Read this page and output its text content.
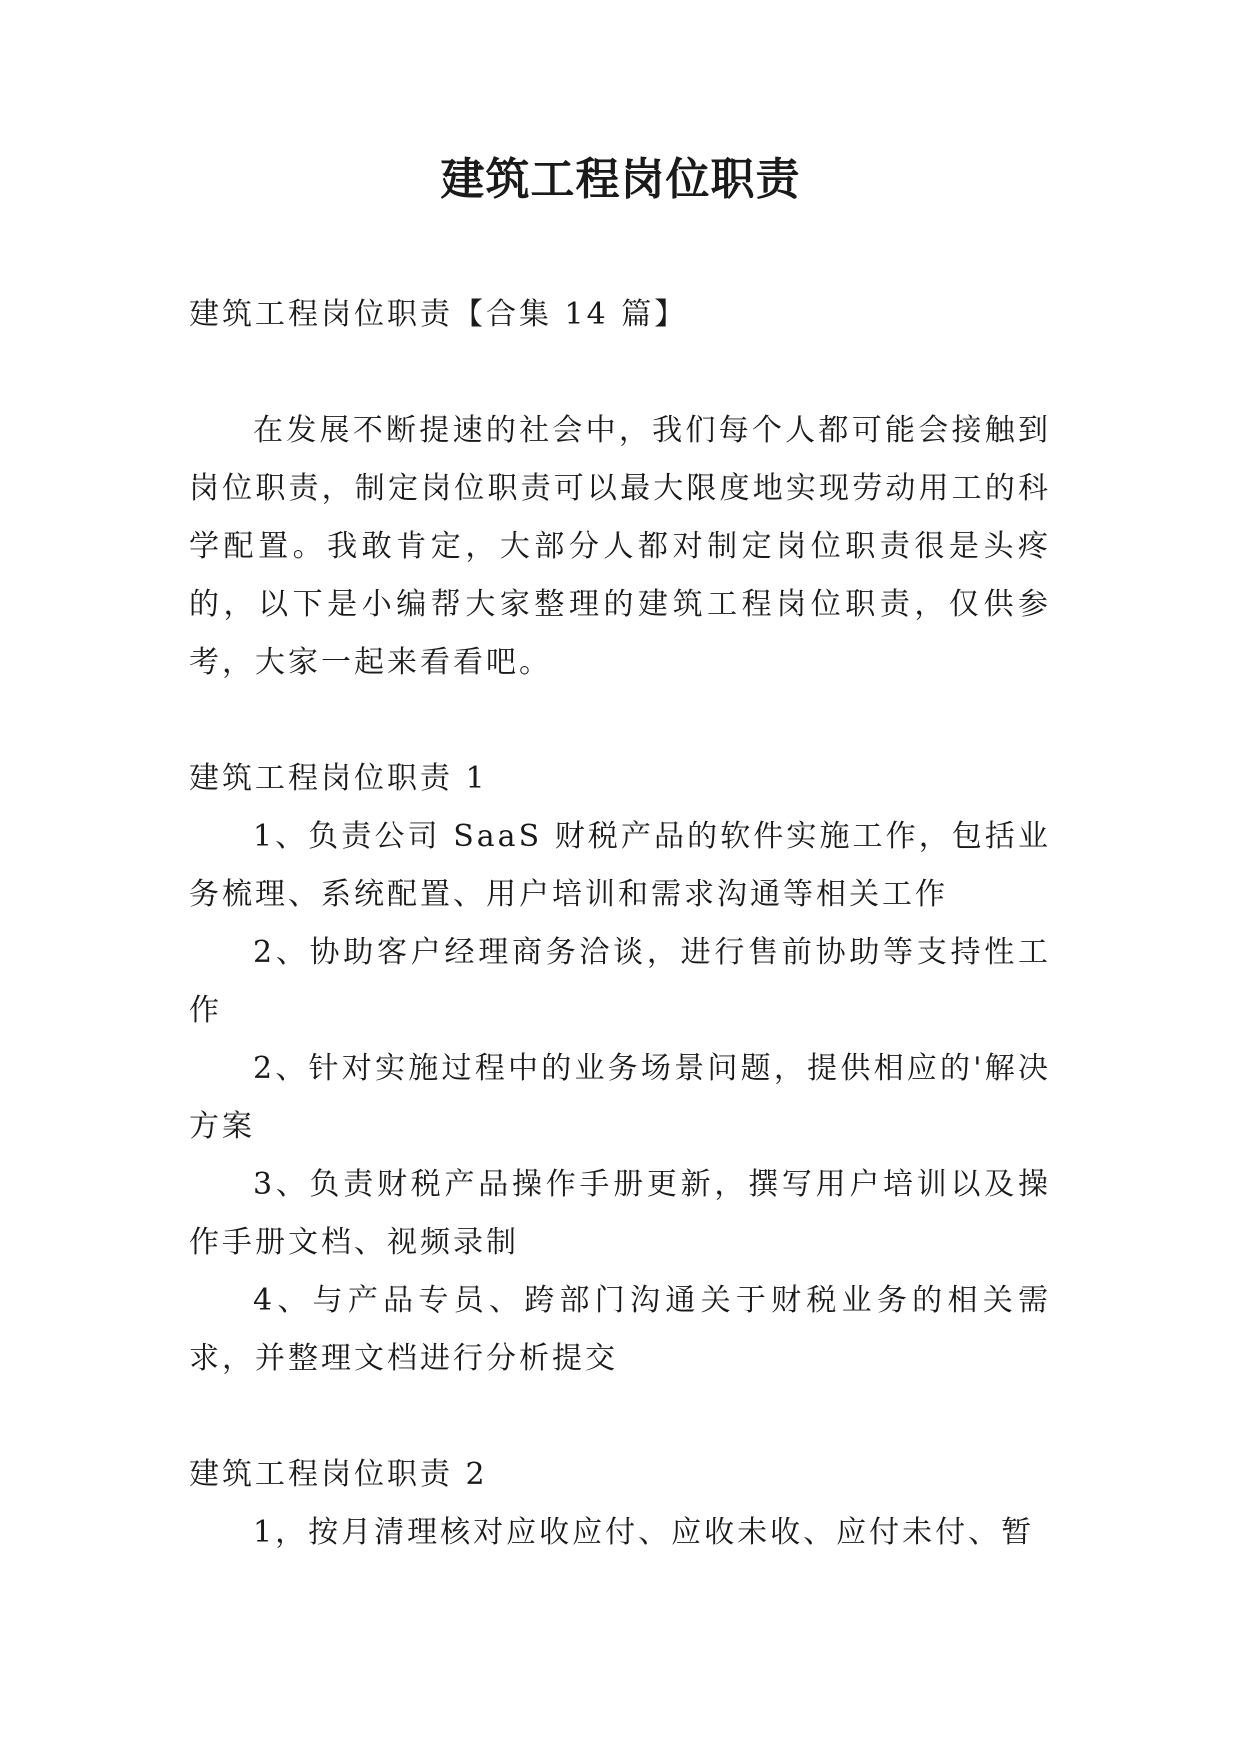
建筑工程岗位职责

建筑工程岗位职责【合集 14 篇】

在发展不断提速的社会中，我们每个人都可能会接触到岗位职责，制定岗位职责可以最大限度地实现劳动用工的科学配置。我敢肯定，大部分人都对制定岗位职责很是头疼的，以下是小编帮大家整理的建筑工程岗位职责，仅供参考，大家一起来看看吧。

建筑工程岗位职责 1

1、负责公司 SaaS 财税产品的软件实施工作，包括业务梳理、系统配置、用户培训和需求沟通等相关工作

2、协助客户经理商务洽谈，进行售前协助等支持性工作

2、针对实施过程中的业务场景问题，提供相应的'解决方案

3、负责财税产品操作手册更新，撰写用户培训以及操作手册文档、视频录制

4、与产品专员、跨部门沟通关于财税业务的相关需求，并整理文档进行分析提交

建筑工程岗位职责 2

1，按月清理核对应收应付、应收未收、应付未付、暂
